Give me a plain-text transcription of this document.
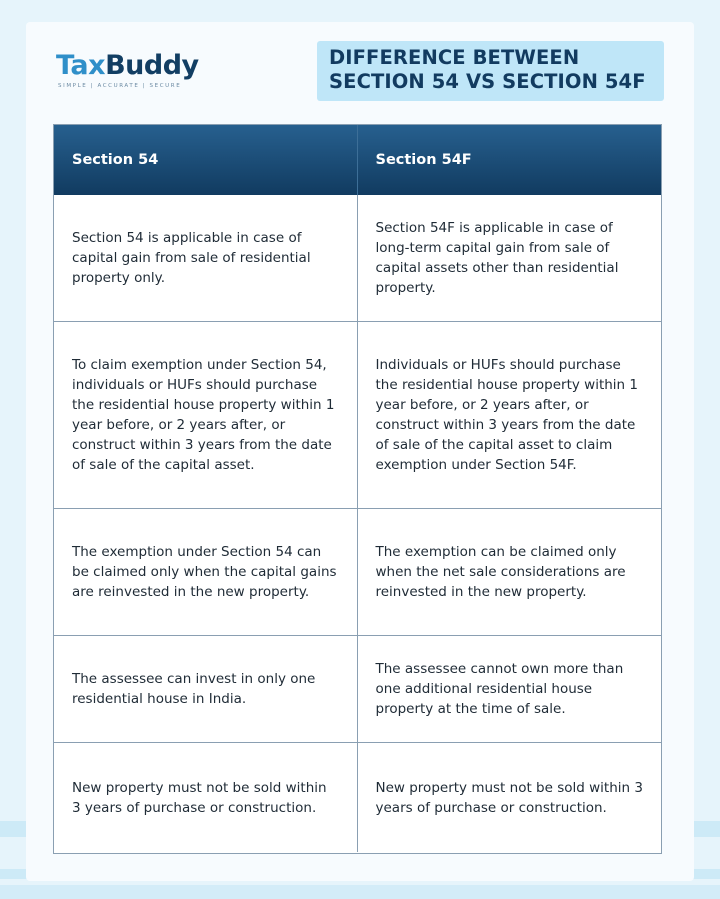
TaxBuddy
SIMPLE | ACCURATE | SECURE
DIFFERENCE BETWEEN SECTION 54 VS SECTION 54F
Section 54	Section 54F
Section 54 is applicable in case of capital gain from sale of residential property only.
Section 54F is applicable in case of long-term capital gain from sale of capital assets other than residential property.
To claim exemption under Section 54, individuals or HUFs should purchase the residential house property within 1 year before, or 2 years after, or construct within 3 years from the date of sale of the capital asset.
Individuals or HUFs should purchase the residential house property within 1 year before, or 2 years after, or construct within 3 years from the date of sale of the capital asset to claim exemption under Section 54F.
The exemption under Section 54 can be claimed only when the capital gains are reinvested in the new property.
The exemption can be claimed only when the net sale considerations are reinvested in the new property.
The assessee can invest in only one residential house in India.
The assessee cannot own more than one additional residential house property at the time of sale.
New property must not be sold within 3 years of purchase or construction.
New property must not be sold within 3 years of purchase or construction.
